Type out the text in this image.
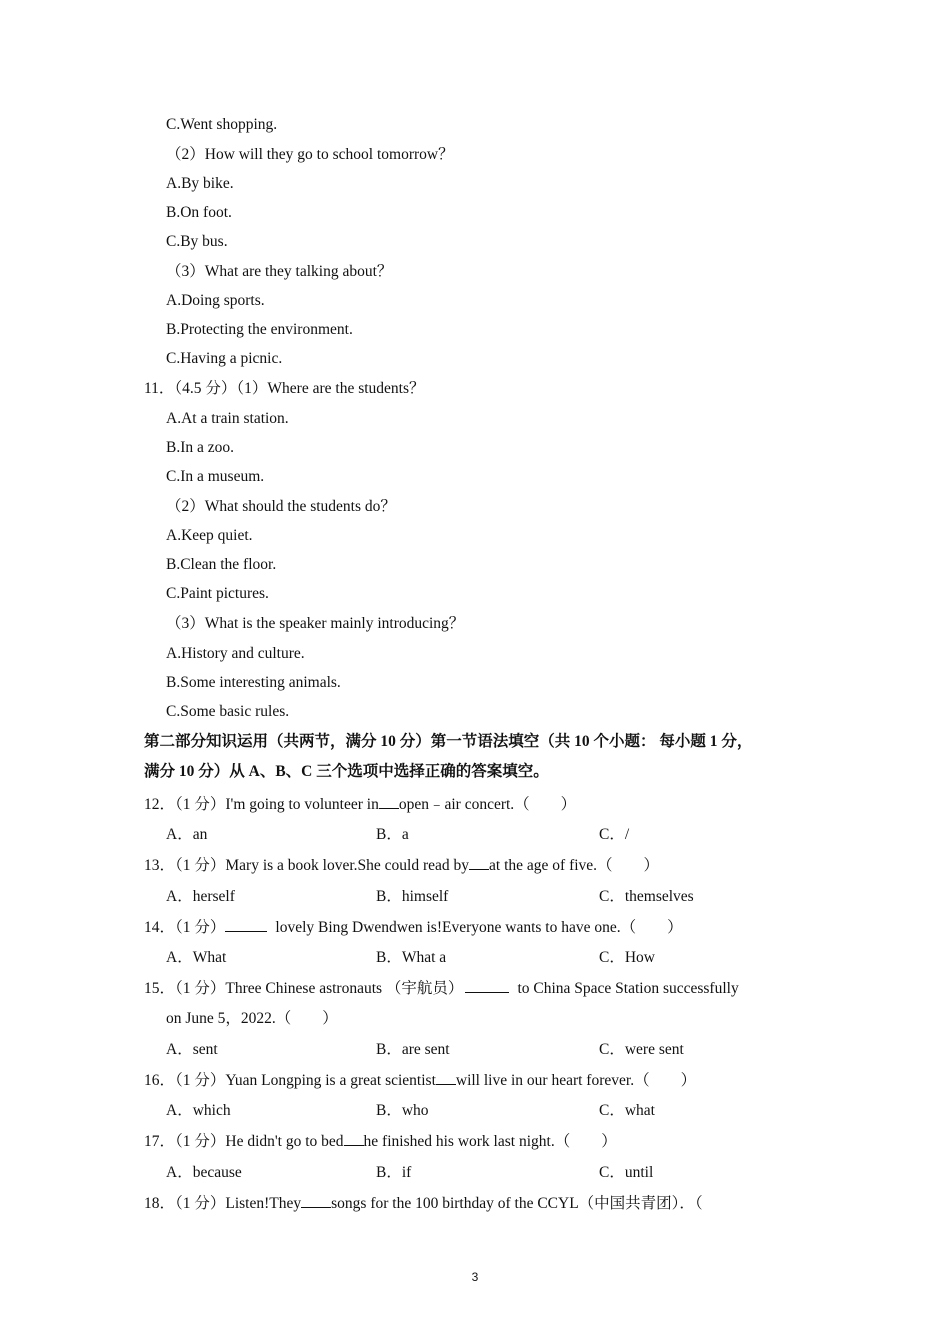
C.Went shopping.
（2）How will they go to school tomorrow？
A.By bike.
B.On foot.
C.By bus.
（3）What are they talking about？
A.Doing sports.
B.Protecting the environment.
C.Having a picnic.
11．（4.5 分）（1）Where are the students？
A.At a train station.
B.In a zoo.
C.In a museum.
（2）What should the students do？
A.Keep quiet.
B.Clean the floor.
C.Paint pictures.
（3）What is the speaker mainly introducing？
A.History and culture.
B.Some interesting animals.
C.Some basic rules.
第二部分知识运用（共两节，满分 10 分）第一节语法填空（共 10 个小题： 每小题 1 分，
满分 10 分）从 A、B、C 三个选项中选择正确的答案填空。
12．（1 分）I'm going to volunteer in open﹣air concert.（　　）
A．an	B．a	C．/
13．（1 分）Mary is a book lover.She could read by at the age of five.（　　）
A．herself	B．himself	C．themselves
14．（1 分）	lovely Bing Dwendwen is!Everyone wants to have one.（　　）
A．What	B．What a	C．How
15．（1 分）Three Chinese astronauts （宇航员）	to China Space Station successfully
on June 5，2022.（　　）
A．sent	B．are sent	C．were sent
16．（1 分）Yuan Longping is a great scientist will live in our heart forever.（　　）
A．which	B．who	C．what
17．（1 分）He didn't go to bed he finished his work last night.（　　）
A．because	B．if	C．until
18．（1 分）Listen!They songs for the 100 birthday of the CCYL（中国共青团）．（
3
